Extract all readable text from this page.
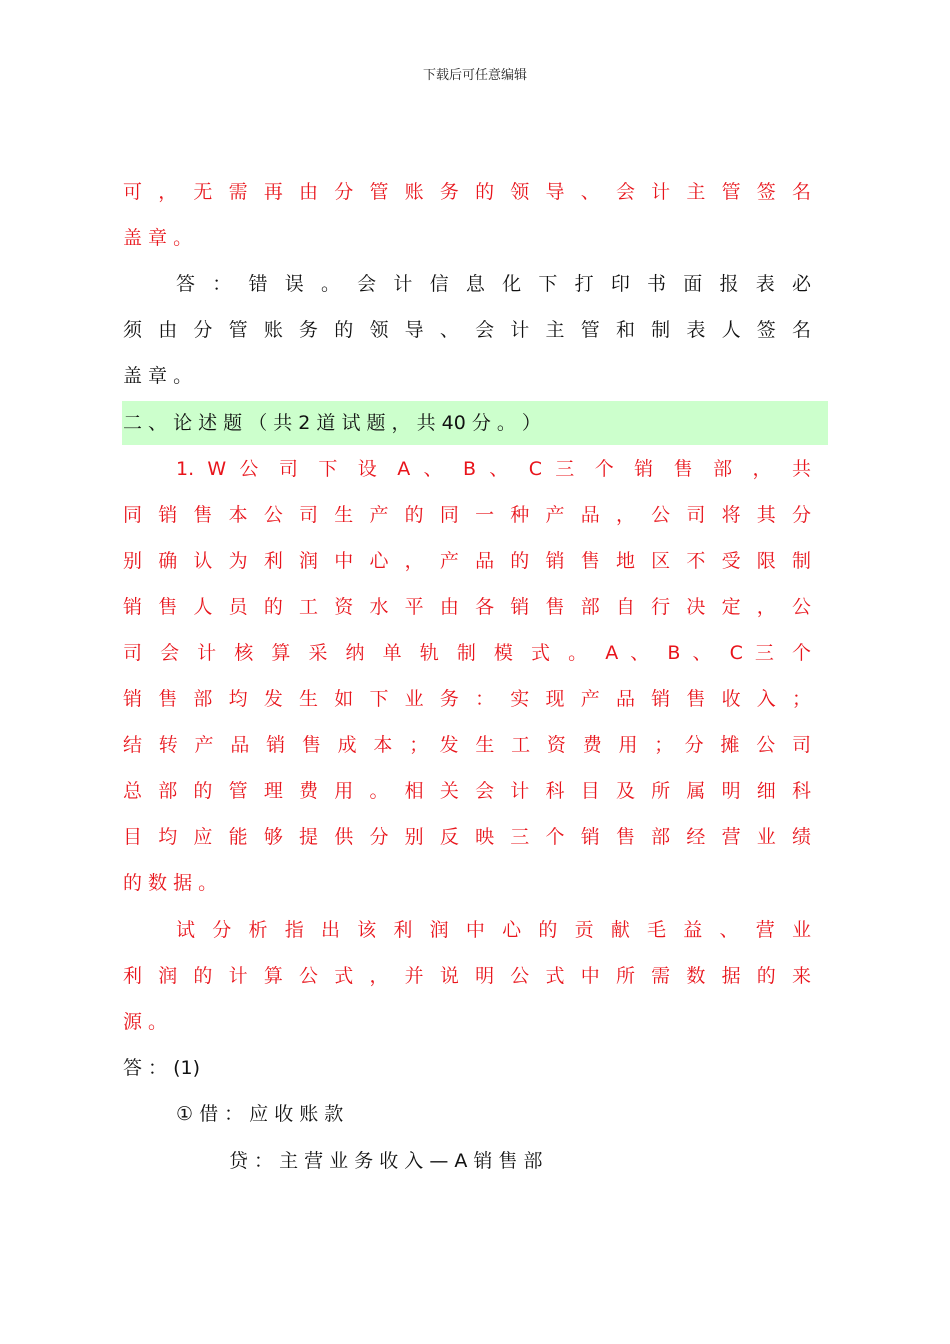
下载后可任意编辑
可 ， 无 需 再 由 分 管 账 务 的 领 导 、 会 计 主 管 签 名
盖 章 。
答 ： 错 误 。 会 计 信 息 化 下 打 印 书 面 报 表 必
须 由 分 管 账 务 的 领 导 、 会 计 主 管 和 制 表 人 签 名
盖 章 。
二 、 论 述 题 （ 共 2 道 试 题 ， 共 40 分 。 ）
1. W 公 司 下 设 A 、 B 、 C 三 个 销 售 部 ， 共
同 销 售 本 公 司 生 产 的 同 一 种 产 品 ， 公 司 将 其 分
别 确 认 为 利 润 中 心 ， 产 品 的 销 售 地 区 不 受 限 制
销 售 人 员 的 工 资 水 平 由 各 销 售 部 自 行 决 定 ， 公
司 会 计 核 算 采 纳 单 轨 制 模 式 。 A 、 B 、 C 三 个
销 售 部 均 发 生 如 下 业 务 ： 实 现 产 品 销 售 收 入 ；
结 转 产 品 销 售 成 本 ； 发 生 工 资 费 用 ； 分 摊 公 司
总 部 的 管 理 费 用 。 相 关 会 计 科 目 及 所 属 明 细 科
目 均 应 能 够 提 供 分 别 反 映 三 个 销 售 部 经 营 业 绩
的 数 据 。
试 分 析 指 出 该 利 润 中 心 的 贡 献 毛 益 、 营 业
利 润 的 计 算 公 式 ， 并 说 明 公 式 中 所 需 数 据 的 来
源 。
答 ： (1)
① 借 ： 应 收 账 款
贷 ： 主 营 业 务 收 入 — A 销 售 部
